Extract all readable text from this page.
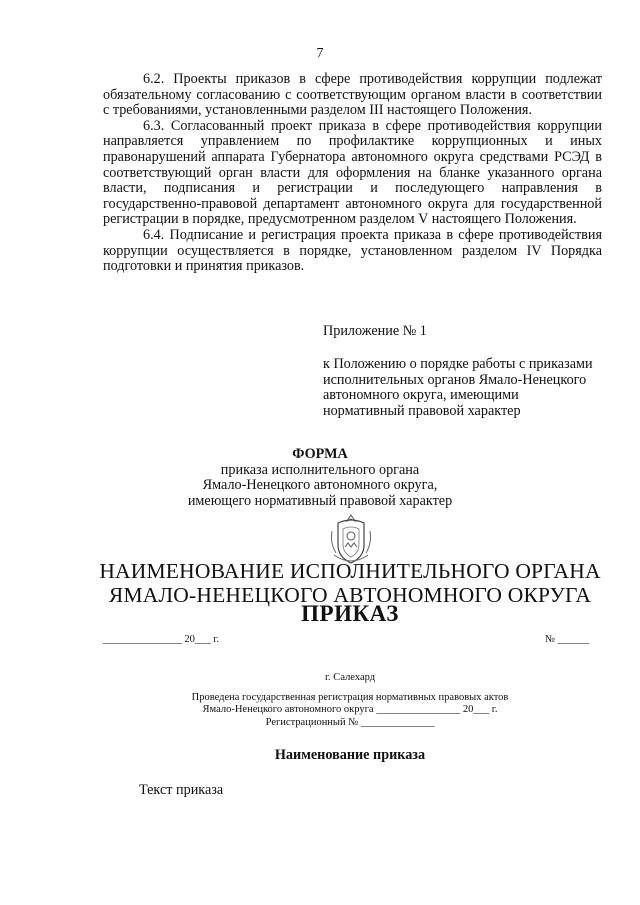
7

6.2. Проекты приказов в сфере противодействия коррупции подлежат обязательному согласованию с соответствующим органом власти в соответствии с требованиями, установленными разделом III настоящего Положения.

6.3. Согласованный проект приказа в сфере противодействия коррупции направляется управлением по профилактике коррупционных и иных правонарушений аппарата Губернатора автономного округа средствами РСЭД в соответствующий орган власти для оформления на бланке указанного органа власти, подписания и регистрации и последующего направления в государственно-правовой департамент автономного округа для государственной регистрации в порядке, предусмотренном разделом V настоящего Положения.

6.4. Подписание и регистрация проекта приказа в сфере противодействия коррупции осуществляется в порядке, установленном разделом IV Порядка подготовки и принятия приказов.

Приложение № 1
к Положению о порядке работы с приказами
исполнительных органов Ямало-Ненецкого
автономного округа, имеющими
нормативный правовой характер
ФОРМА
приказа исполнительного органа
Ямало-Ненецкого автономного округа,
имеющего нормативный правовой характер
НАИМЕНОВАНИЕ ИСПОЛНИТЕЛЬНОГО ОРГАНА
ЯМАЛО-НЕНЕЦКОГО АВТОНОМНОГО ОКРУГА
ПРИКАЗ
_______________ 20___ г.	№ ______
г. Салехард
Проведена государственная регистрация нормативных правовых актов
Ямало-Ненецкого автономного округа ________________ 20___ г.
Регистрационный № ______________
Наименование приказа
Текст приказа
